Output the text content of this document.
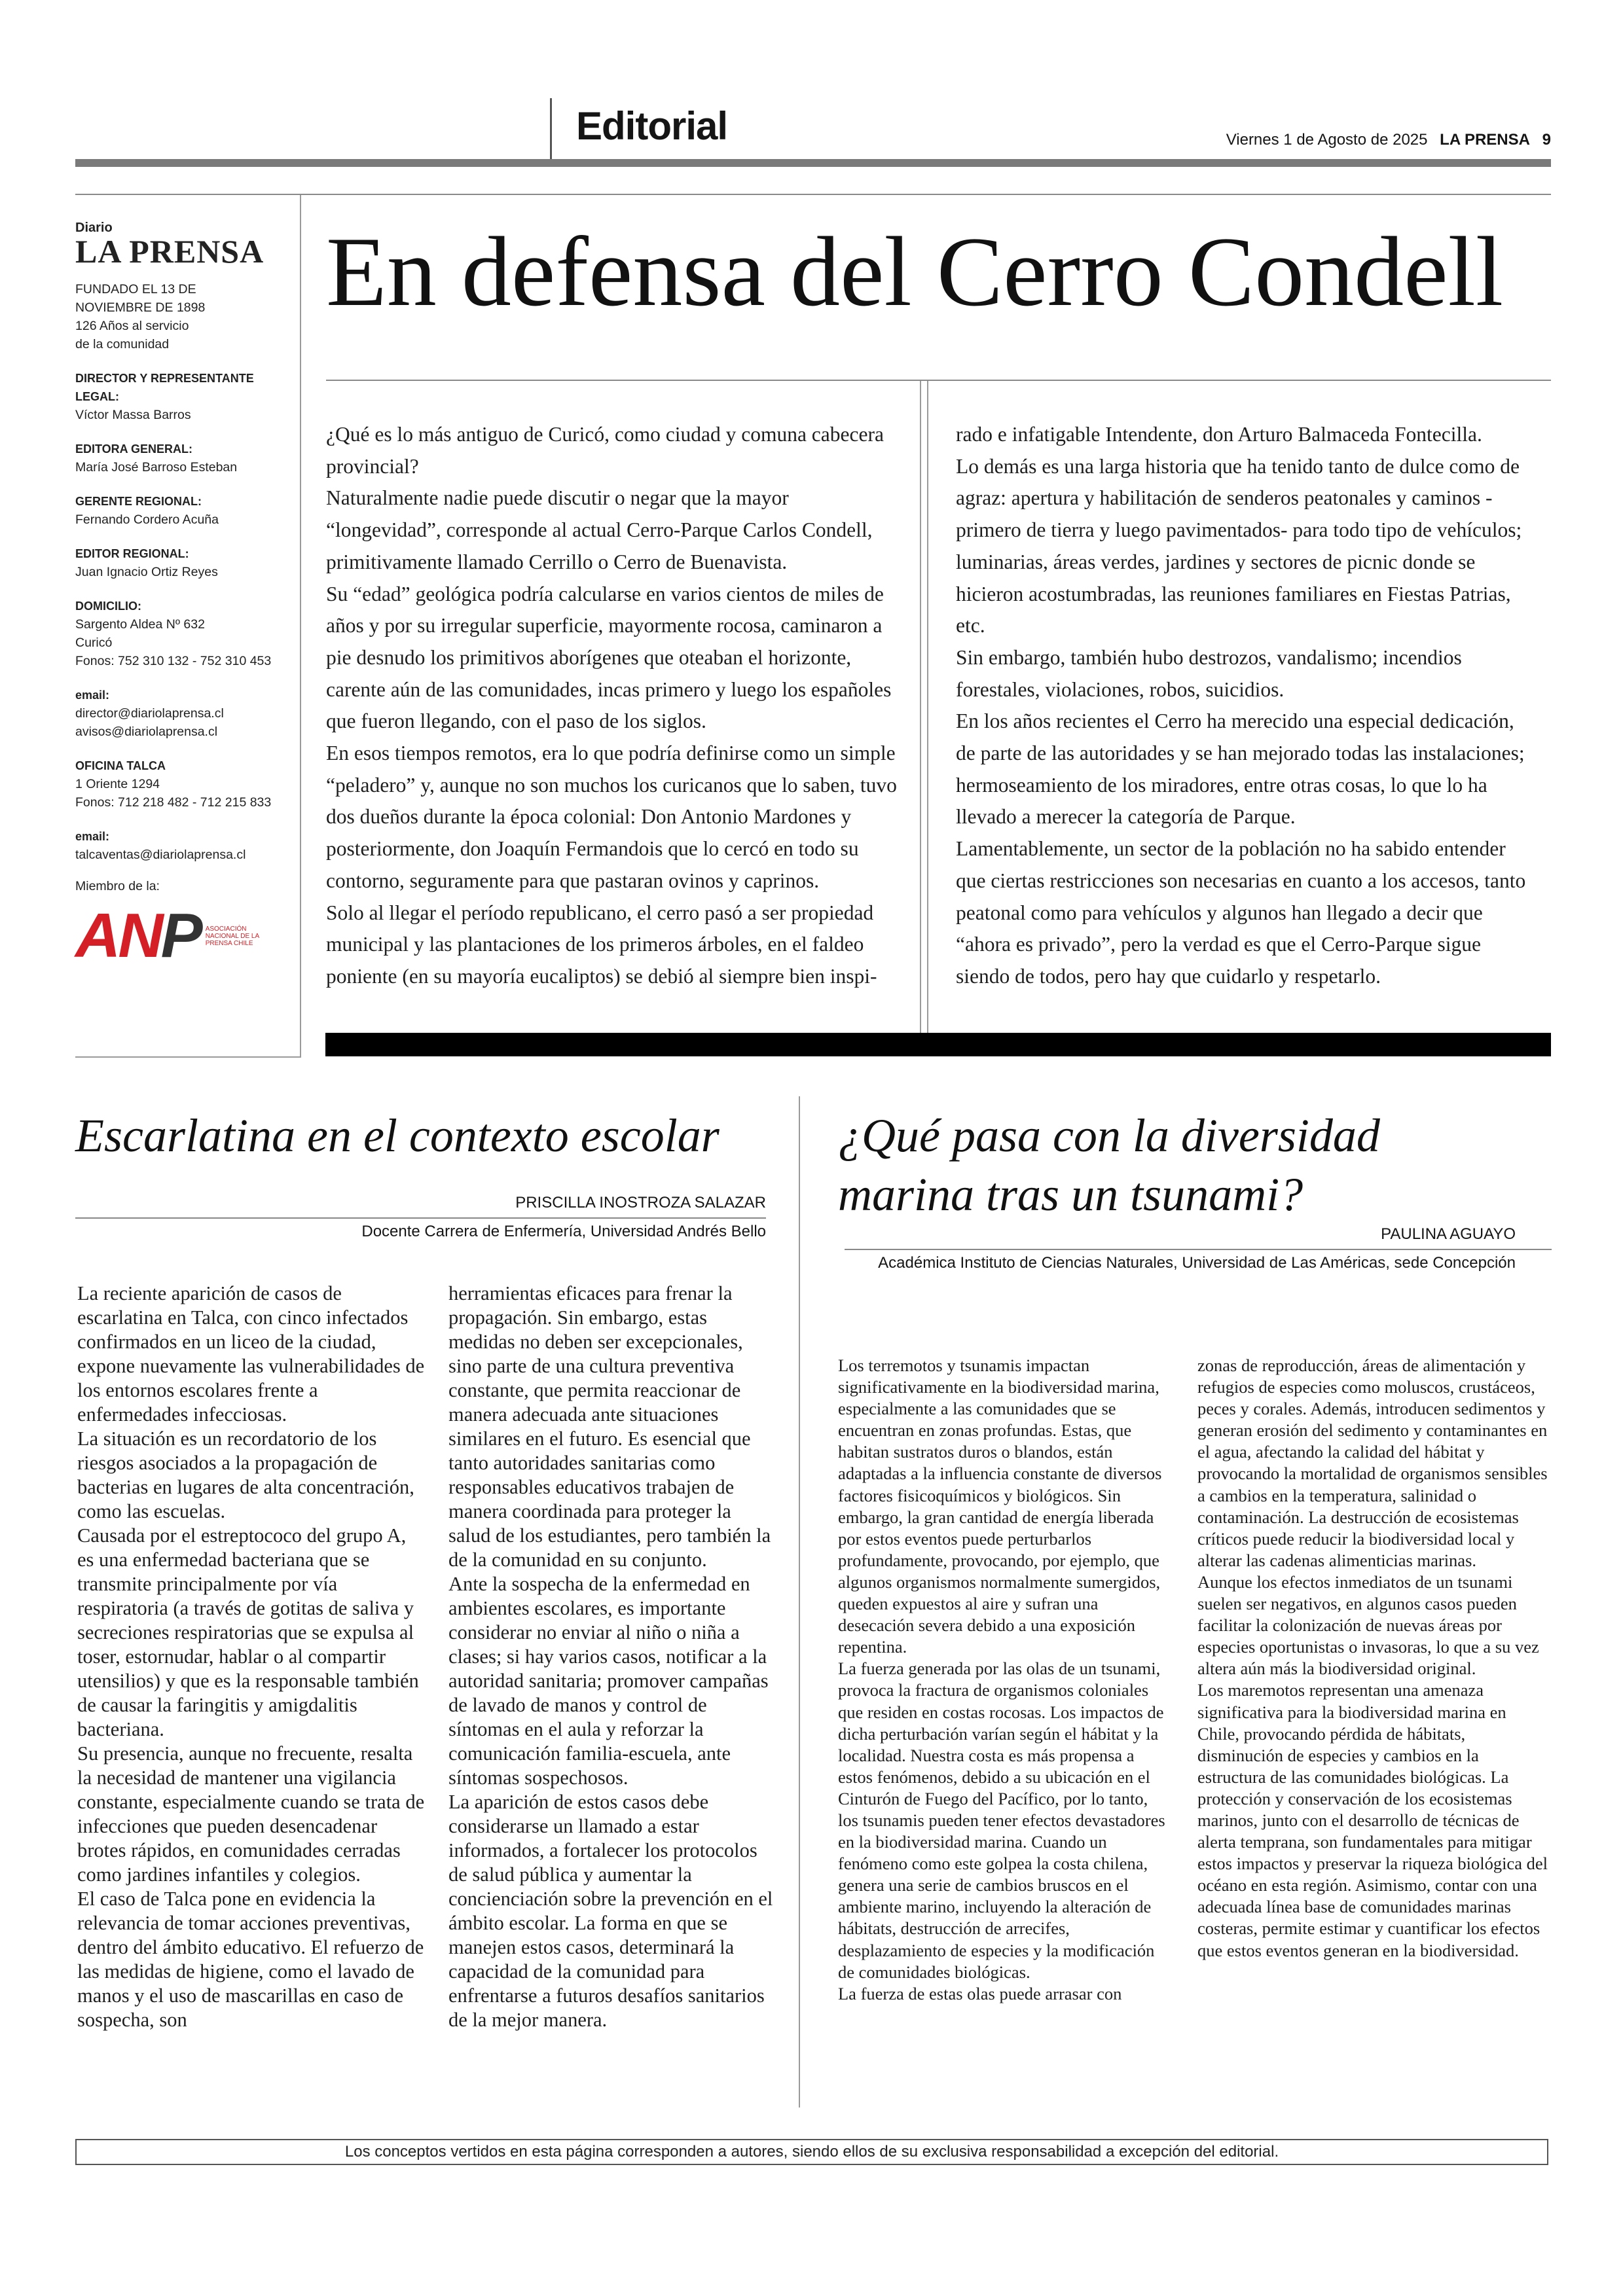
Editorial	Viernes 1 de Agosto de 2025 LA PRENSA 9
Diario
LA PRENSA
FUNDADO EL 13 DE
NOVIEMBRE DE 1898
126 Años al servicio
de la comunidad
DIRECTOR Y REPRESENTANTE LEGAL:
Víctor Massa Barros
EDITORA GENERAL:
María José Barroso Esteban
GERENTE REGIONAL:
Fernando Cordero Acuña
EDITOR REGIONAL:
Juan Ignacio Ortiz Reyes
DOMICILIO:
Sargento Aldea Nº 632
Curicó
Fonos: 752 310 132 - 752 310 453
email:
director@diariolaprensa.cl
avisos@diariolaprensa.cl
OFICINA TALCA
1 Oriente 1294
Fonos: 712 218 482 - 712 215 833
email:
talcaventas@diariolaprensa.cl
Miembro de la:
ANP ASOCIACIÓN NACIONAL DE LA PRENSA CHILE
En defensa del Cerro Condell

¿Qué es lo más antiguo de Curicó, como ciudad y comuna cabecera provincial?

Naturalmente nadie puede discutir o negar que la mayor “longevidad”, corresponde al actual Cerro-Parque Carlos Condell, primitivamente llamado Cerrillo o Cerro de Buenavista.

Su “edad” geológica podría calcularse en varios cientos de miles de años y por su irregular superficie, mayormente rocosa, caminaron a pie desnudo los primitivos aborígenes que oteaban el horizonte, carente aún de las comunidades, incas primero y luego los españoles que fueron llegando, con el paso de los siglos.

En esos tiempos remotos, era lo que podría definirse como un simple “peladero” y, aunque no son muchos los curicanos que lo saben, tuvo dos dueños durante la época colonial: Don Antonio Mardones y posteriormente, don Joaquín Fermandois que lo cercó en todo su contorno, seguramente para que pastaran ovinos y caprinos.

Solo al llegar el período republicano, el cerro pasó a ser propiedad municipal y las plantaciones de los primeros árboles, en el faldeo poniente (en su mayoría eucaliptos) se debió al siempre bien inspi-

rado e infatigable Intendente, don Arturo Balmaceda Fontecilla.

Lo demás es una larga historia que ha tenido tanto de dulce como de agraz: apertura y habilitación de senderos peatonales y caminos -primero de tierra y luego pavimentados- para todo tipo de vehículos; luminarias, áreas verdes, jardines y sectores de picnic donde se hicieron acostumbradas, las reuniones familiares en Fiestas Patrias, etc.

Sin embargo, también hubo destrozos, vandalismo; incendios forestales, violaciones, robos, suicidios.

En los años recientes el Cerro ha merecido una especial dedicación, de parte de las autoridades y se han mejorado todas las instalaciones; hermoseamiento de los miradores, entre otras cosas, lo que lo ha llevado a merecer la categoría de Parque.

Lamentablemente, un sector de la población no ha sabido entender que ciertas restricciones son necesarias en cuanto a los accesos, tanto peatonal como para vehículos y algunos han llegado a decir que “ahora es privado”, pero la verdad es que el Cerro-Parque sigue siendo de todos, pero hay que cuidarlo y respetarlo.

Escarlatina en el contexto escolar
PRISCILLA INOSTROZA SALAZAR
Docente Carrera de Enfermería, Universidad Andrés Bello

La reciente aparición de casos de escarlatina en Talca, con cinco infectados confirmados en un liceo de la ciudad, expone nuevamente las vulnerabilidades de los entornos escolares frente a enfermedades infecciosas.

La situación es un recordatorio de los riesgos asociados a la propagación de bacterias en lugares de alta concentración, como las escuelas.

Causada por el estreptococo del grupo A, es una enfermedad bacteriana que se transmite principalmente por vía respiratoria (a través de gotitas de saliva y secreciones respiratorias que se expulsa al toser, estornudar, hablar o al compartir utensilios) y que es la responsable también de causar la faringitis y amigdalitis bacteriana.

Su presencia, aunque no frecuente, resalta la necesidad de mantener una vigilancia constante, especialmente cuando se trata de infecciones que pueden desencadenar brotes rápidos, en comunidades cerradas como jardines infantiles y colegios.

El caso de Talca pone en evidencia la relevancia de tomar acciones preventivas, dentro del ámbito educativo. El refuerzo de las medidas de higiene, como el lavado de manos y el uso de mascarillas en caso de sospecha, son

herramientas eficaces para frenar la propagación. Sin embargo, estas medidas no deben ser excepcionales, sino parte de una cultura preventiva constante, que permita reaccionar de manera adecuada ante situaciones similares en el futuro. Es esencial que tanto autoridades sanitarias como responsables educativos trabajen de manera coordinada para proteger la salud de los estudiantes, pero también la de la comunidad en su conjunto.

Ante la sospecha de la enfermedad en ambientes escolares, es importante considerar no enviar al niño o niña a clases; si hay varios casos, notificar a la autoridad sanitaria; promover campañas de lavado de manos y control de síntomas en el aula y reforzar la comunicación familia-escuela, ante síntomas sospechosos.

La aparición de estos casos debe considerarse un llamado a estar informados, a fortalecer los protocolos de salud pública y aumentar la concienciación sobre la prevención en el ámbito escolar. La forma en que se manejen estos casos, determinará la capacidad de la comunidad para enfrentarse a futuros desafíos sanitarios de la mejor manera.

¿Qué pasa con la diversidad marina tras un tsunami?
PAULINA AGUAYO
Académica Instituto de Ciencias Naturales, Universidad de Las Américas, sede Concepción

Los terremotos y tsunamis impactan significativamente en la biodiversidad marina, especialmente a las comunidades que se encuentran en zonas profundas. Estas, que habitan sustratos duros o blandos, están adaptadas a la influencia constante de diversos factores fisicoquímicos y biológicos. Sin embargo, la gran cantidad de energía liberada por estos eventos puede perturbarlos profundamente, provocando, por ejemplo, que algunos organismos normalmente sumergidos, queden expuestos al aire y sufran una desecación severa debido a una exposición repentina.

La fuerza generada por las olas de un tsunami, provoca la fractura de organismos coloniales que residen en costas rocosas. Los impactos de dicha perturbación varían según el hábitat y la localidad. Nuestra costa es más propensa a estos fenómenos, debido a su ubicación en el Cinturón de Fuego del Pacífico, por lo tanto, los tsunamis pueden tener efectos devastadores en la biodiversidad marina. Cuando un fenómeno como este golpea la costa chilena, genera una serie de cambios bruscos en el ambiente marino, incluyendo la alteración de hábitats, destrucción de arrecifes, desplazamiento de especies y la modificación de comunidades biológicas.

La fuerza de estas olas puede arrasar con

zonas de reproducción, áreas de alimentación y refugios de especies como moluscos, crustáceos, peces y corales. Además, introducen sedimentos y generan erosión del sedimento y contaminantes en el agua, afectando la calidad del hábitat y provocando la mortalidad de organismos sensibles a cambios en la temperatura, salinidad o contaminación. La destrucción de ecosistemas críticos puede reducir la biodiversidad local y alterar las cadenas alimenticias marinas.

Aunque los efectos inmediatos de un tsunami suelen ser negativos, en algunos casos pueden facilitar la colonización de nuevas áreas por especies oportunistas o invasoras, lo que a su vez altera aún más la biodiversidad original.

Los maremotos representan una amenaza significativa para la biodiversidad marina en Chile, provocando pérdida de hábitats, disminución de especies y cambios en la estructura de las comunidades biológicas. La protección y conservación de los ecosistemas marinos, junto con el desarrollo de técnicas de alerta temprana, son fundamentales para mitigar estos impactos y preservar la riqueza biológica del océano en esta región. Asimismo, contar con una adecuada línea base de comunidades marinas costeras, permite estimar y cuantificar los efectos que estos eventos generan en la biodiversidad.

Los conceptos vertidos en esta página corresponden a autores, siendo ellos de su exclusiva responsabilidad a excepción del editorial.
